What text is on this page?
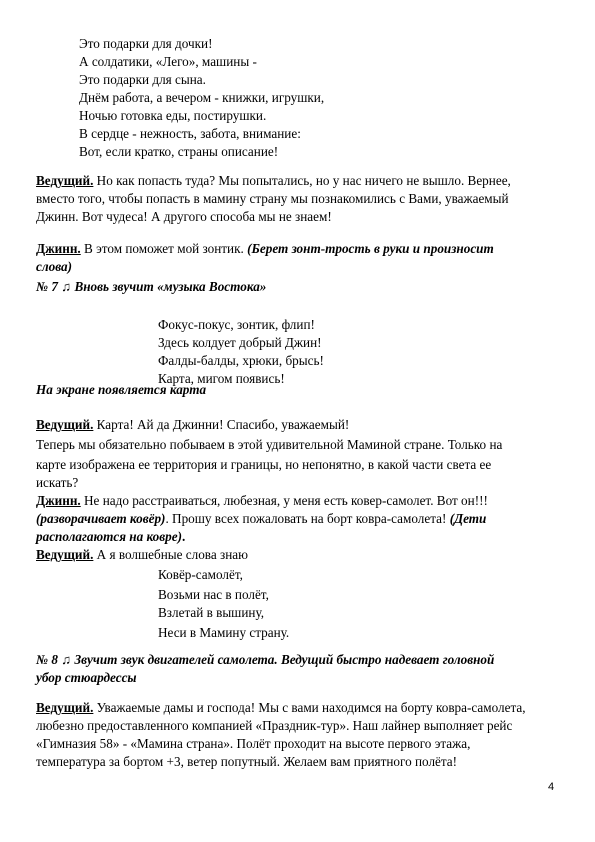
Это подарки для дочки!
А солдатики, «Лего», машины -
Это подарки для сына.
Днём работа, а вечером - книжки, игрушки,
Ночью готовка еды, постирушки.
В сердце - нежность, забота, внимание:
Вот, если кратко, страны описание!
Ведущий. Но как попасть туда? Мы попытались, но у нас ничего не вышло. Вернее,
вместо того, чтобы попасть в мамину страну мы познакомились с Вами, уважаемый
Джинн. Вот чудеса! А другого способа мы не знаем!
Джинн. В этом поможет мой зонтик. (Берет зонт-трость в руки и произносит
слова)
№ 7 ♫ Вновь звучит «музыка Востока»
Фокус-покус, зонтик, флип!
Здесь колдует добрый Джин!
Фалды-балды, хрюки, брысь!
Карта, мигом появись!
На экране появляется карта
Ведущий. Карта! Ай да Джинни! Спасибо, уважаемый!
Теперь мы обязательно побываем в этой удивительной Маминой стране. Только на
карте изображена ее территория и границы, но непонятно, в какой части света ее
искать?
Джинн. Не надо расстраиваться, любезная, у меня есть ковер-самолет. Вот он!!!
(разворачивает ковёр). Прошу всех пожаловать на борт ковра-самолета! (Дети
располагаются на ковре).
Ведущий. А я волшебные слова знаю
Ковёр-самолёт,
Возьми нас в полёт,
Взлетай в вышину,
Неси в Мамину страну.
№ 8 ♫ Звучит звук двигателей самолета. Ведущий быстро надевает головной
убор стюардессы
Ведущий. Уважаемые дамы и господа! Мы с вами находимся на борту ковра-самолета,
любезно предоставленного компанией «Праздник-тур». Наш лайнер выполняет рейс
«Гимназия 58» - «Мамина страна». Полёт проходит на высоте первого этажа,
температура за бортом +3, ветер попутный. Желаем вам приятного полёта!
4
